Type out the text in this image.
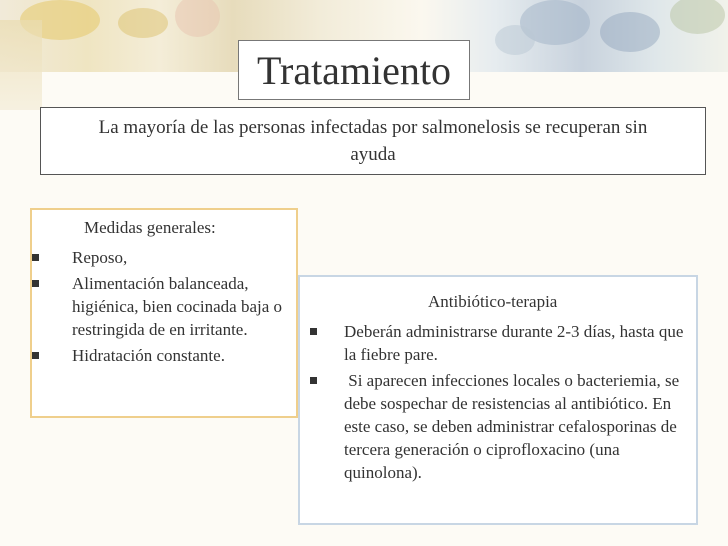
Tratamiento
La mayoría de las personas infectadas por salmonelosis se recuperan sin ayuda
Medidas generales:
Reposo,
Alimentación balanceada, higiénica, bien cocinada baja o restringida de en irritante.
Hidratación constante.
Antibiótico-terapia
Deberán administrarse durante 2-3 días, hasta que la fiebre pare.
Si aparecen infecciones locales o bacteriemia, se debe sospechar de resistencias al antibiótico. En este caso, se deben administrar cefalosporinas de tercera generación o ciprofloxacino (una quinolona).
